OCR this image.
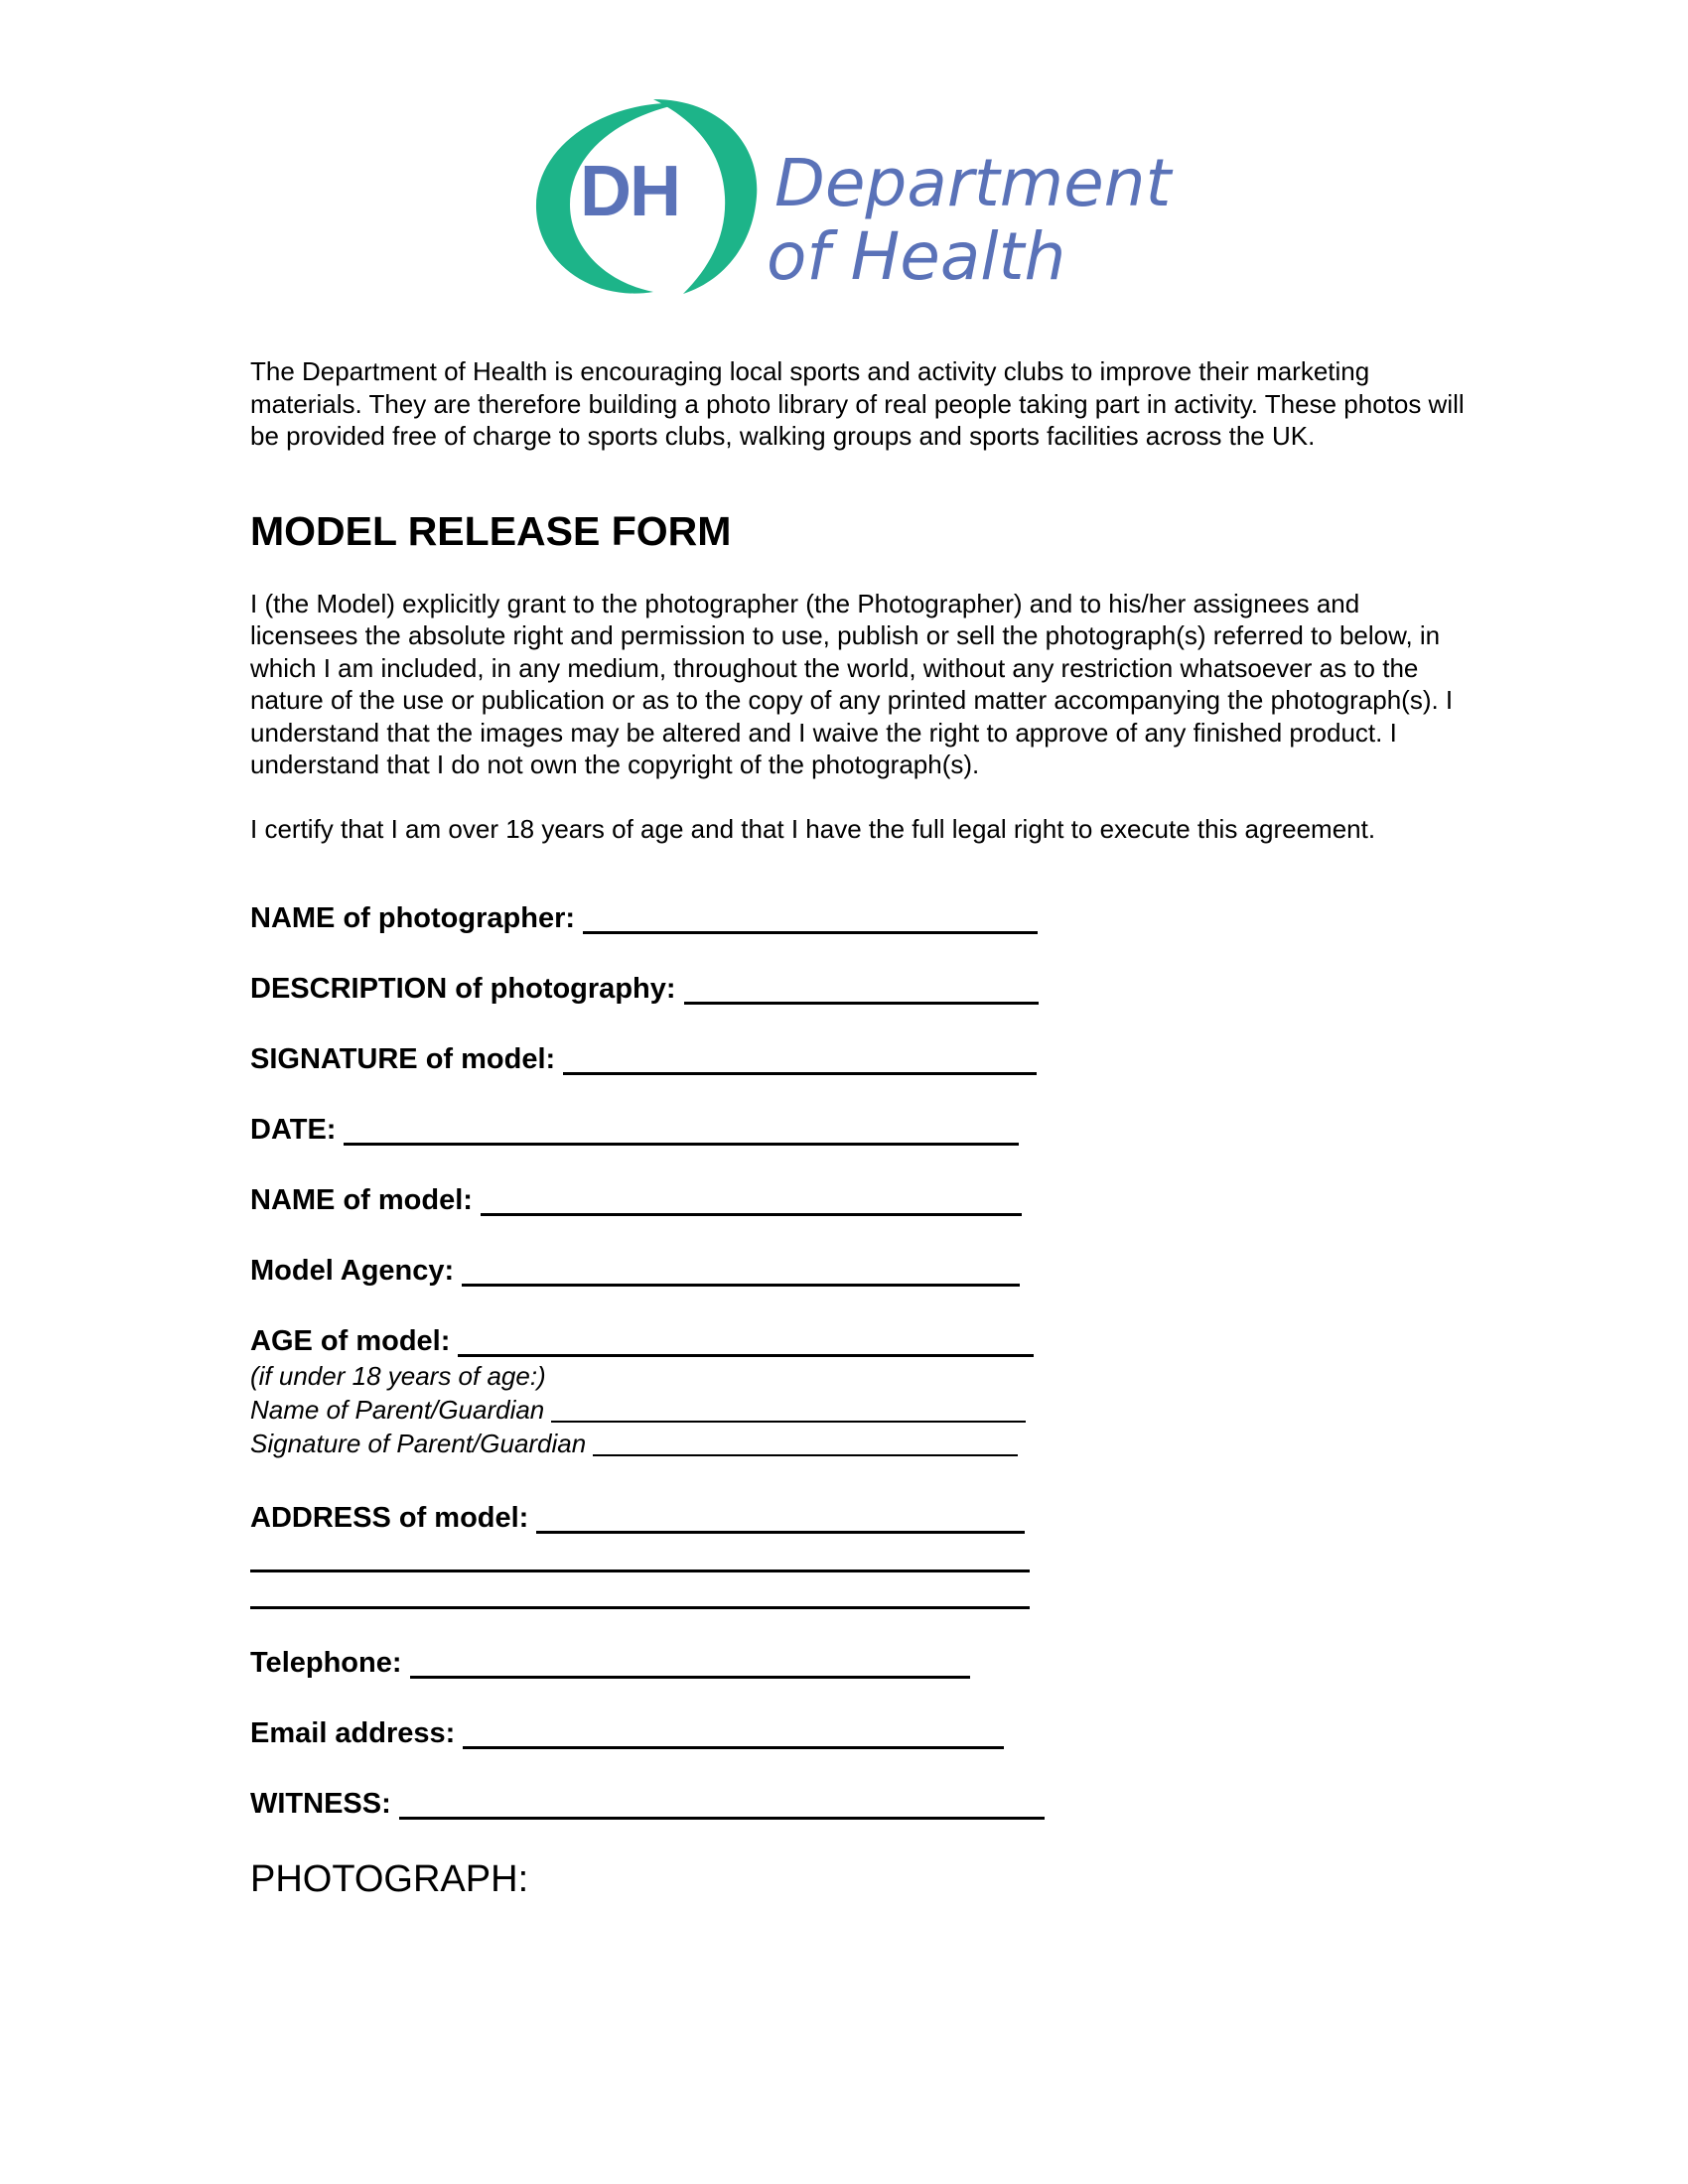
DH Department
of Health

The Department of Health is encouraging local sports and activity clubs to improve their marketing materials. They are therefore building a photo library of real people taking part in activity. These photos will be provided free of charge to sports clubs, walking groups and sports facilities across the UK.

MODEL RELEASE FORM

I (the Model) explicitly grant to the photographer (the Photographer) and to his/her assignees and licensees the absolute right and permission to use, publish or sell the photograph(s) referred to below, in which I am included, in any medium, throughout the world, without any restriction whatsoever as to the nature of the use or publication or as to the copy of any printed matter accompanying the photograph(s). I understand that the images may be altered and I waive the right to approve of any finished product. I understand that I do not own the copyright of the photograph(s).

I certify that I am over 18 years of age and that I have the full legal right to execute this agreement.

NAME of photographer:
DESCRIPTION of photography:
SIGNATURE of model:
DATE:
NAME of model:
Model Agency:
AGE of model:
(if under 18 years of age:)
Name of Parent/Guardian
Signature of Parent/Guardian
ADDRESS of model:
Telephone:
Email address:
WITNESS:
PHOTOGRAPH:
